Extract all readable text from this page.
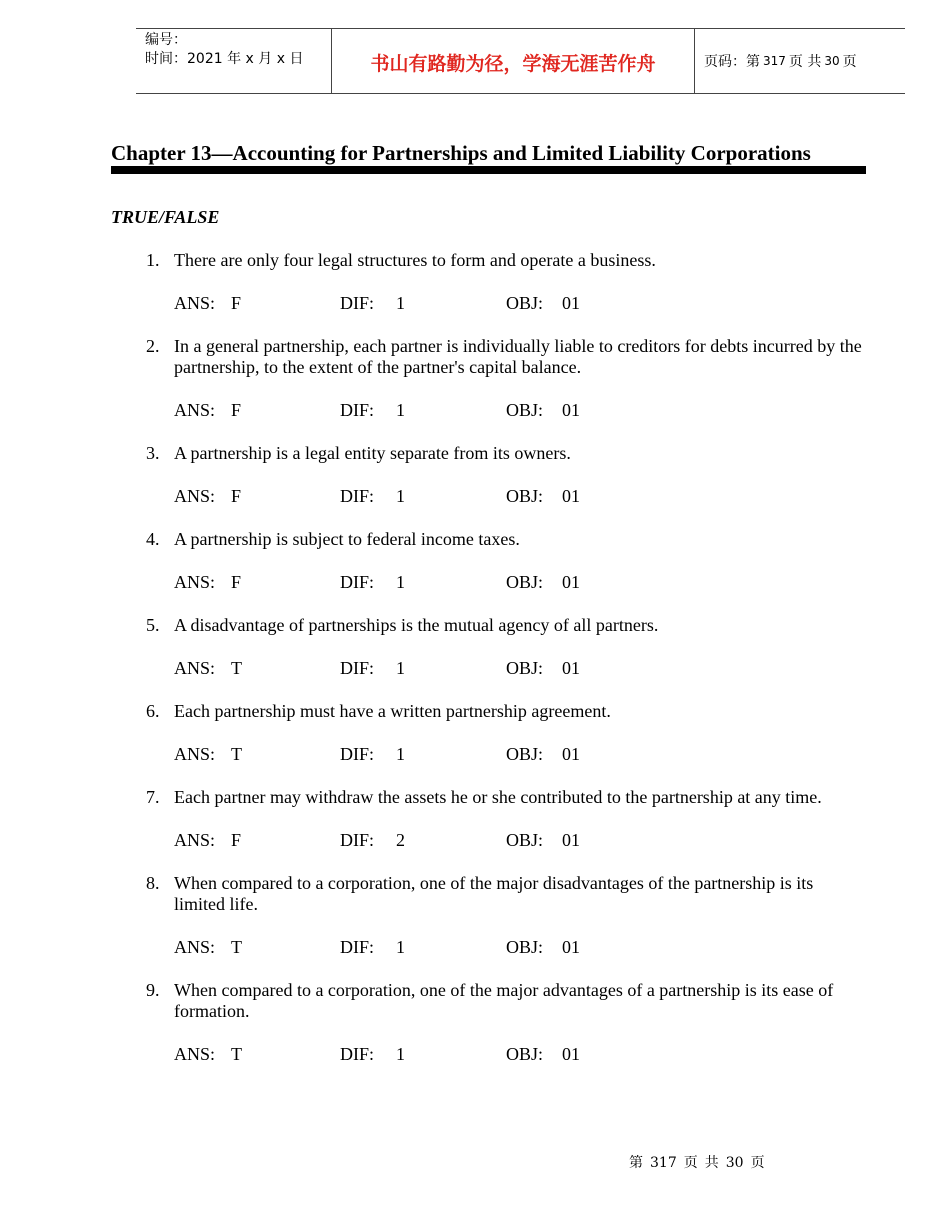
编号：
时间：2021 年 x 月 x 日	书山有路勤为径，学海无涯苦作舟	页码：第 317 页 共 30 页
Chapter 13—Accounting for Partnerships and Limited Liability Corporations
TRUE/FALSE
1. There are only four legal structures to form and operate a business.
ANS: F	DIF: 1	OBJ: 01
2. In a general partnership, each partner is individually liable to creditors for debts incurred by the partnership, to the extent of the partner's capital balance.
ANS: F	DIF: 1	OBJ: 01
3. A partnership is a legal entity separate from its owners.
ANS: F	DIF: 1	OBJ: 01
4. A partnership is subject to federal income taxes.
ANS: F	DIF: 1	OBJ: 01
5. A disadvantage of partnerships is the mutual agency of all partners.
ANS: T	DIF: 1	OBJ: 01
6. Each partnership must have a written partnership agreement.
ANS: T	DIF: 1	OBJ: 01
7. Each partner may withdraw the assets he or she contributed to the partnership at any time.
ANS: F	DIF: 2	OBJ: 01
8. When compared to a corporation, one of the major disadvantages of the partnership is its limited life.
ANS: T	DIF: 1	OBJ: 01
9. When compared to a corporation, one of the major advantages of a partnership is its ease of formation.
ANS: T	DIF: 1	OBJ: 01
第 317 页 共 30 页
